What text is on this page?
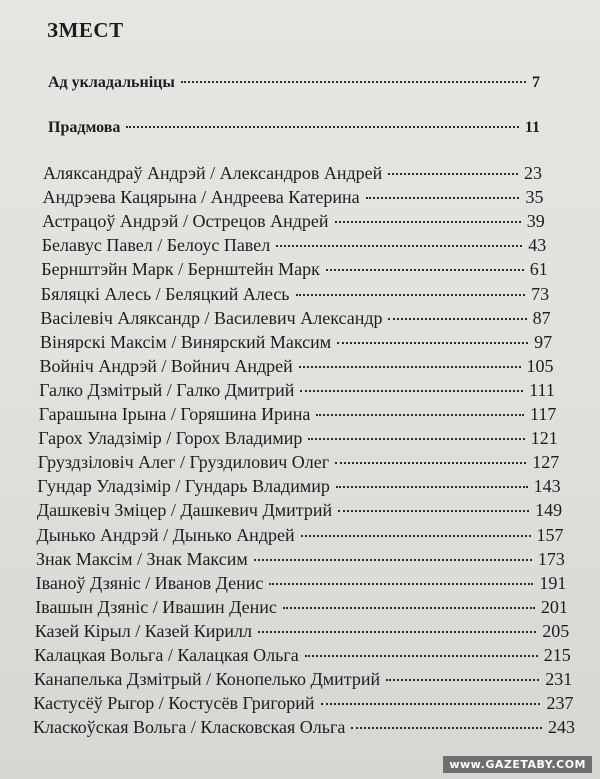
ЗМЕСТ
Ад укладальніцы	7
Прадмова	11
Аляксандраў Андрэй / Александров Андрей	23
Андрэева Кацярына / Андреева Катерина	35
Астрацоў Андрэй / Острецов Андрей	39
Белавус Павел / Белоус Павел	43
Бернштэйн Марк / Бернштейн Марк	61
Бяляцкі Алесь / Беляцкий Алесь	73
Васілевіч Аляксандр / Василевич Александр	87
Вінярскі Максім / Винярский Максим	97
Войніч Андрэй / Войнич Андрей	105
Галко Дзмітрый / Галко Дмитрий	111
Гарашына Ірына / Горяшина Ирина	117
Гарох Уладзімір / Горох Владимир	121
Груздзіловіч Алег / Груздилович Олег	127
Гундар Уладзімір / Гундарь Владимир	143
Дашкевіч Зміцер / Дашкевич Дмитрий	149
Дынько Андрэй / Дынько Андрей	157
Знак Максім / Знак Максим	173
Іваноў Дзяніс / Иванов Денис	191
Івашын Дзяніс / Ивашин Денис	201
Казей Кірыл / Казей Кирилл	205
Калацкая Вольга / Калацкая Ольга	215
Канапелька Дзмітрый / Конопелько Дмитрий	231
Кастусёў Рыгор / Костусёв Григорий	237
Класкоўская Вольга / Класковская Ольга	243
www.GAZETABY.COM
